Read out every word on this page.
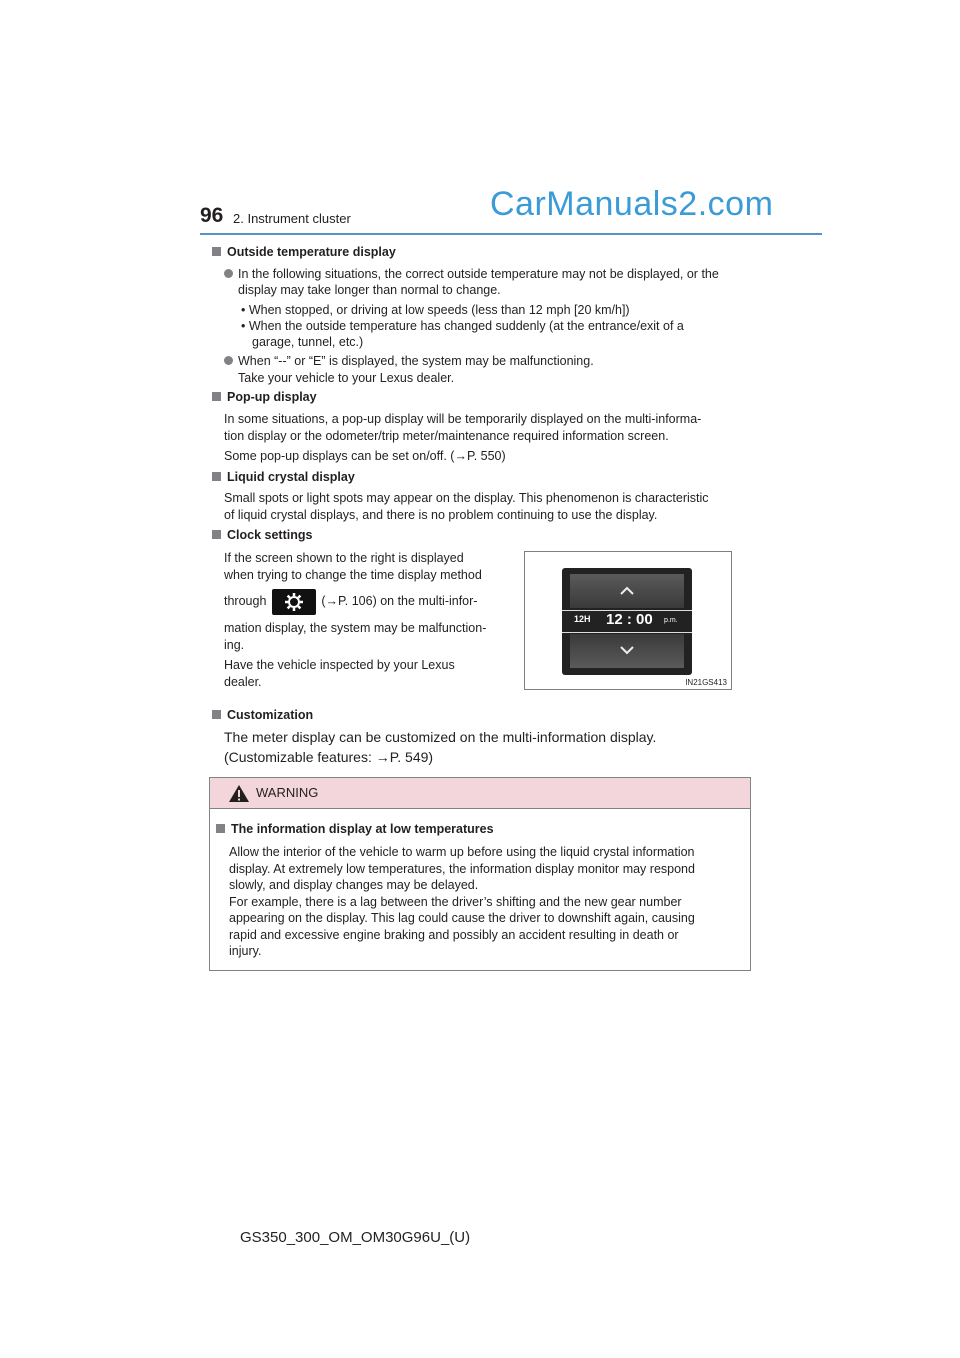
96 2. Instrument cluster	CarManuals2.com
Outside temperature display
In the following situations, the correct outside temperature may not be displayed, or the
display may take longer than normal to change.
• When stopped, or driving at low speeds (less than 12 mph [20 km/h])
• When the outside temperature has changed suddenly (at the entrance/exit of a
garage, tunnel, etc.)
When “--” or “E” is displayed, the system may be malfunctioning.
Take your vehicle to your Lexus dealer.
Pop-up display
In some situations, a pop-up display will be temporarily displayed on the multi-informa-
tion display or the odometer/trip meter/maintenance required information screen.
Some pop-up displays can be set on/off. (→P. 550)
Liquid crystal display
Small spots or light spots may appear on the display. This phenomenon is characteristic
of liquid crystal displays, and there is no problem continuing to use the display.
Clock settings
If the screen shown to the right is displayed
when trying to change the time display method
through	(→P. 106) on the multi-infor-
mation display, the system may be malfunction-
ing.
Have the vehicle inspected by your Lexus
dealer.
12H 12 : 00 p.m.
IN21GS413
Customization
The meter display can be customized on the multi-information display.
(Customizable features: →P. 549)
WARNING
The information display at low temperatures
Allow the interior of the vehicle to warm up before using the liquid crystal information
display. At extremely low temperatures, the information display monitor may respond
slowly, and display changes may be delayed.
For example, there is a lag between the driver’s shifting and the new gear number
appearing on the display. This lag could cause the driver to downshift again, causing
rapid and excessive engine braking and possibly an accident resulting in death or
injury.
GS350_300_OM_OM30G96U_(U)
